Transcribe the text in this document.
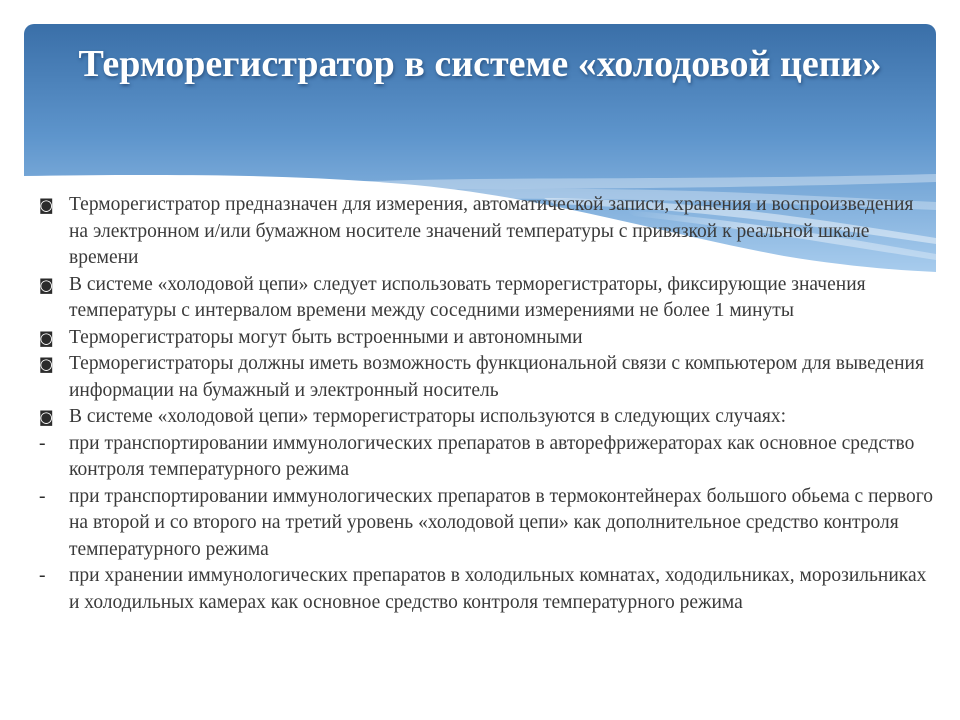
Терморегистратор в системе «холодовой цепи»
◙ Терморегистратор предназначен для измерения, автоматической записи, хранения и воспроизведения на электронном и/или бумажном носителе значений температуры с привязкой к реальной шкале времени
◙ В системе «холодовой цепи» следует использовать терморегистраторы, фиксирующие значения температуры с интервалом времени между соседними измерениями не более 1 минуты
◙ Терморегистраторы могут быть встроенными и автономными
◙ Терморегистраторы должны иметь возможность функциональной связи с компьютером для выведения информации на бумажный и электронный носитель
◙ В системе «холодовой цепи» терморегистраторы используются в следующих случаях:
-	при транспортировании иммунологических препаратов в авторефрижераторах как основное средство контроля температурного режима
-	при транспортировании иммунологических препаратов в термоконтейнерах большого обьема с первого на второй и со второго на третий уровень «холодовой цепи» как дополнительное средство контроля температурного режима
-	при хранении иммунологических препаратов в холодильных комнатах, хододильниках, морозильниках и холодильных камерах как основное средство контроля температурного режима
